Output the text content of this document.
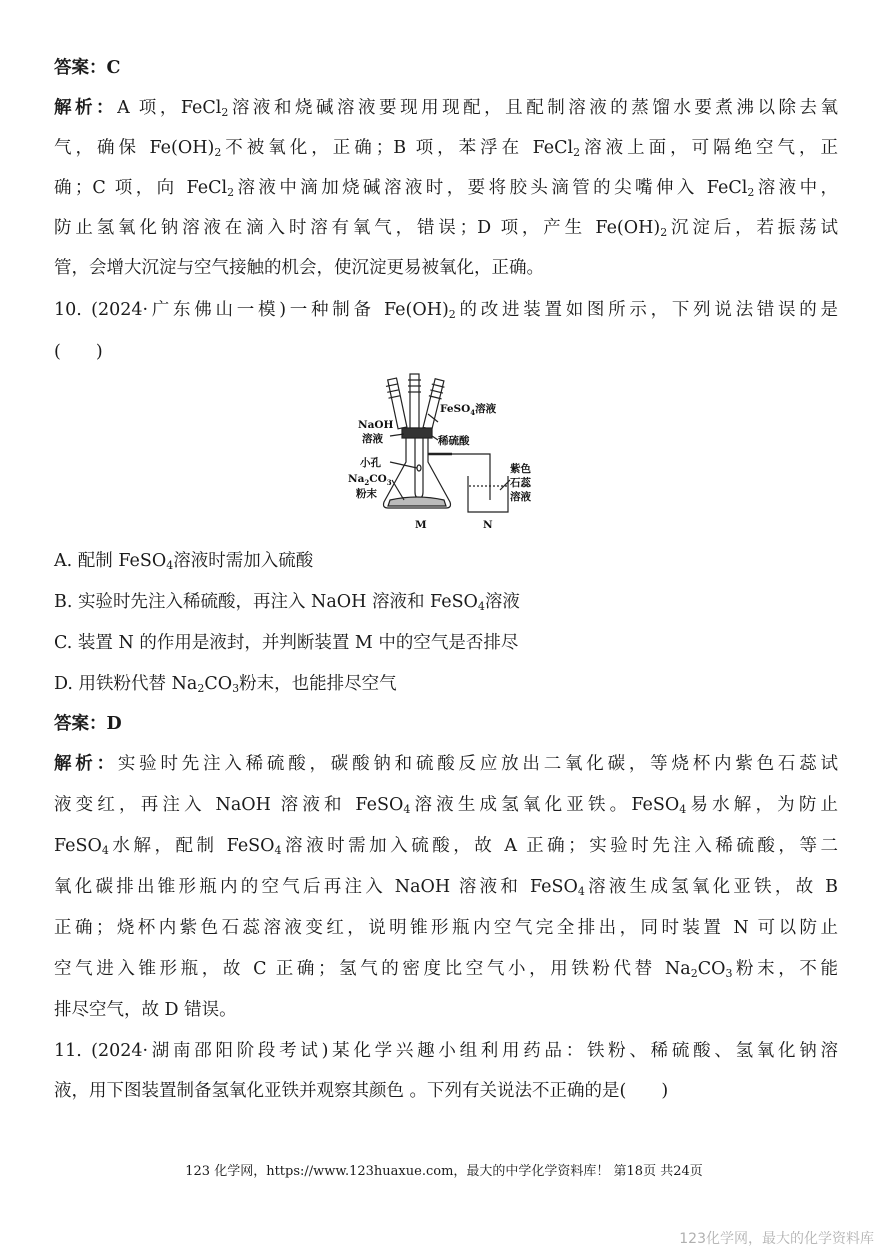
答案：C
解析：A 项，FeCl$_2$溶液和烧碱溶液要现用现配，且配制溶液的蒸馏水要煮沸以除去氧
气，确保 $Fe(OH)_2$不被氧化，正确；B 项，苯浮在 FeCl$_2$溶液上面，可隔绝空气，正
确；C 项，向 FeCl$_2$溶液中滴加烧碱溶液时，要将胶头滴管的尖嘴伸入 FeCl$_2$溶液中，
防止氢氧化钠溶液在滴入时溶有氧气，错误；D 项，产生 $Fe(OH)_2$沉淀后，若振荡试
管，会增大沉淀与空气接触的机会，使沉淀更易被氧化，正确。
10. (2024·广东佛山一模)一种制备 $Fe(OH)_2$的改进装置如图所示，下列说法错误的是
(　　)
NaOH
溶液
FeSO$_4$溶液
稀硫酸
小孔
$Na_2CO_3$
粉末
紫色
石蕊
溶液
M	N
A. 配制 FeSO$_4$溶液时需加入硫酸
B. 实验时先注入稀硫酸，再注入 NaOH 溶液和 FeSO$_4$溶液
C. 装置 N 的作用是液封，并判断装置 M 中的空气是否排尽
D. 用铁粉代替 $Na_2CO_3$粉末，也能排尽空气
答案：D
解析：实验时先注入稀硫酸，碳酸钠和硫酸反应放出二氧化碳，等烧杯内紫色石蕊试
液变红，再注入 NaOH 溶液和 FeSO$_4$溶液生成氢氧化亚铁。FeSO$_4$易水解，为防止
FeSO$_4$水解，配制 FeSO$_4$溶液时需加入硫酸，故 A 正确；实验时先注入稀硫酸，等二
氧化碳排出锥形瓶内的空气后再注入 NaOH 溶液和 FeSO$_4$溶液生成氢氧化亚铁，故 B
正确；烧杯内紫色石蕊溶液变红，说明锥形瓶内空气完全排出，同时装置 N 可以防止
空气进入锥形瓶，故 C 正确；氢气的密度比空气小，用铁粉代替 $Na_2CO_3$粉末，不能
排尽空气，故 D 错误。
11. (2024·湖南邵阳阶段考试)某化学兴趣小组利用药品：铁粉、稀硫酸、氢氧化钠溶
液，用下图装置制备氢氧化亚铁并观察其颜色 。下列有关说法不正确的是(　　)
123 化学网，https://www.123huaxue.com，最大的中学化学资料库！ 第18页 共24页
123化学网，最大的化学资料库
